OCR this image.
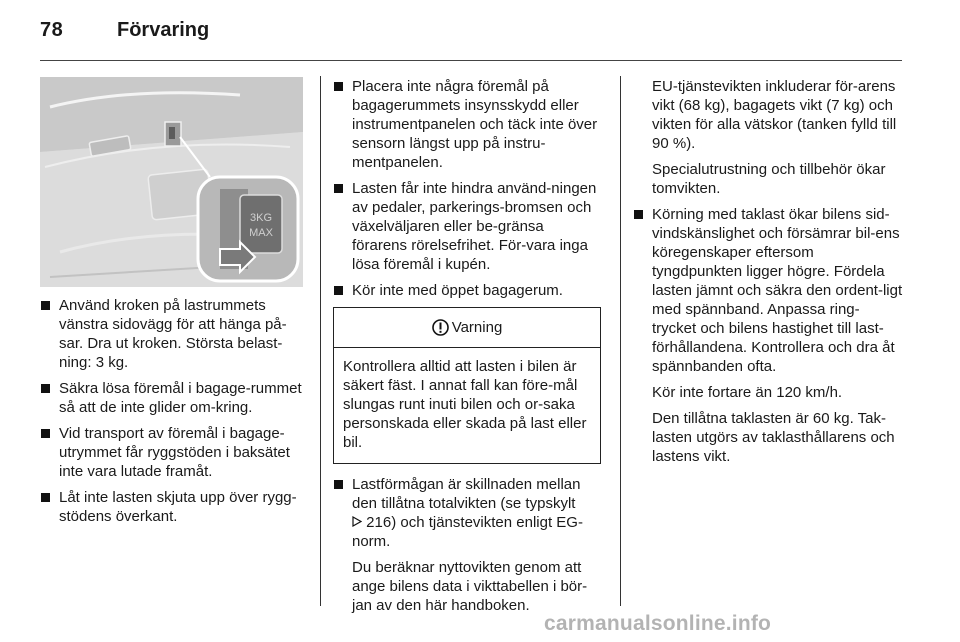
78	Förvaring
3KG
MAX

Använd kroken på lastrummets vänstra sidovägg för att hänga på-sar. Dra ut kroken. Största belast-ning: 3 kg.

Säkra lösa föremål i bagage-rummet så att de inte glider om-kring.

Vid transport av föremål i bagage-utrymmet får ryggstöden i baksätet inte vara lutade framåt.

Låt inte lasten skjuta upp över rygg-stödens överkant.

Placera inte några föremål på bagagerummets insynsskydd eller instrumentpanelen och täck inte över sensorn längst upp på instru-mentpanelen.

Lasten får inte hindra använd-ningen av pedaler, parkerings-bromsen och växelväljaren eller be-gränsa förarens rörelsefrihet. För-vara inga lösa föremål i kupén.

Kör inte med öppet bagagerum.

Varning

Kontrollera alltid att lasten i bilen är säkert fäst. I annat fall kan före-mål slungas runt inuti bilen och or-saka personskada eller skada på last eller bil.

Lastförmågan är skillnaden mellan den tillåtna totalvikten (se typskylt
216) och tjänstevikten enligt EG-norm.

Du beräknar nyttovikten genom att ange bilens data i vikttabellen i bör-jan av den här handboken.

EU-tjänstevikten inkluderar för-arens vikt (68 kg), bagagets vikt (7 kg) och vikten för alla vätskor (tanken fylld till 90 %).

Specialutrustning och tillbehör ökar tomvikten.

Körning med taklast ökar bilens sid-vindskänslighet och försämrar bil-ens köregenskaper eftersom tyngdpunkten ligger högre. Fördela lasten jämnt och säkra den ordent-ligt med spännband. Anpassa ring-trycket och bilens hastighet till last-förhållandena. Kontrollera och dra åt spännbanden ofta.

Kör inte fortare än 120 km/h.

Den tillåtna taklasten är 60 kg. Tak-lasten utgörs av taklasthållarens och lastens vikt.

carmanualsonline.info
